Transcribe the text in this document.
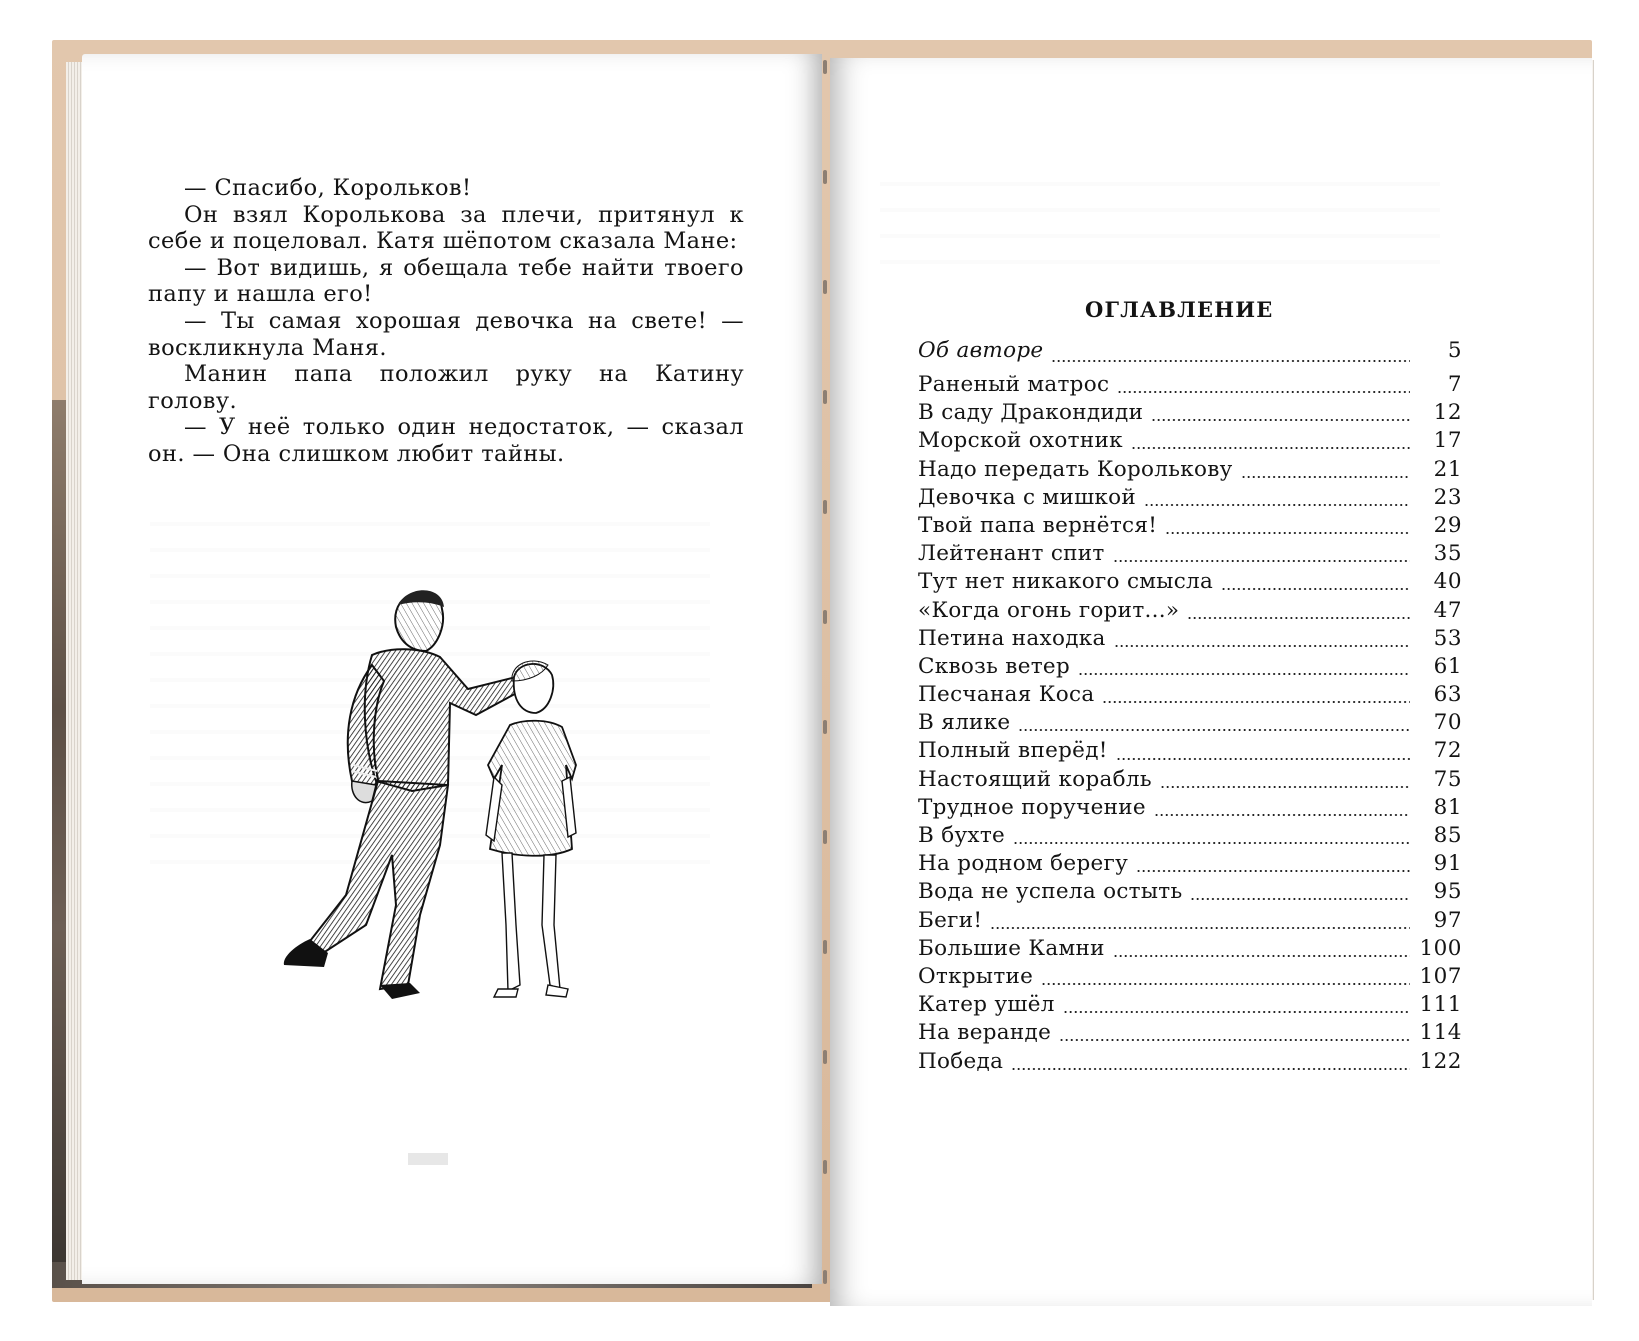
— Спасибо, Корольков!

Он взял Королькова за плечи, притянул к себе и поцеловал. Катя шёпотом сказала Мане:

— Вот видишь, я обещала тебе найти твоего папу и нашла его!

— Ты самая хорошая девочка на свете! — воскликнула Маня.

Манин папа положил руку на Катину голову.

— У неё только один недостаток, — сказал он. — Она слишком любит тайны.

ОГЛАВЛЕНИЕ
Об авторе	5
Раненый матрос	7
В саду Дракондиди	12
Морской охотник	17
Надо передать Королькову	21
Девочка с мишкой	23
Твой папа вернётся!	29
Лейтенант спит	35
Тут нет никакого смысла	40
«Когда огонь горит...»	47
Петина находка	53
Сквозь ветер	61
Песчаная Коса	63
В ялике	70
Полный вперёд!	72
Настоящий корабль	75
Трудное поручение	81
В бухте	85
На родном берегу	91
Вода не успела остыть	95
Беги!	97
Большие Камни	100
Открытие	107
Катер ушёл	111
На веранде	114
Победа	122
